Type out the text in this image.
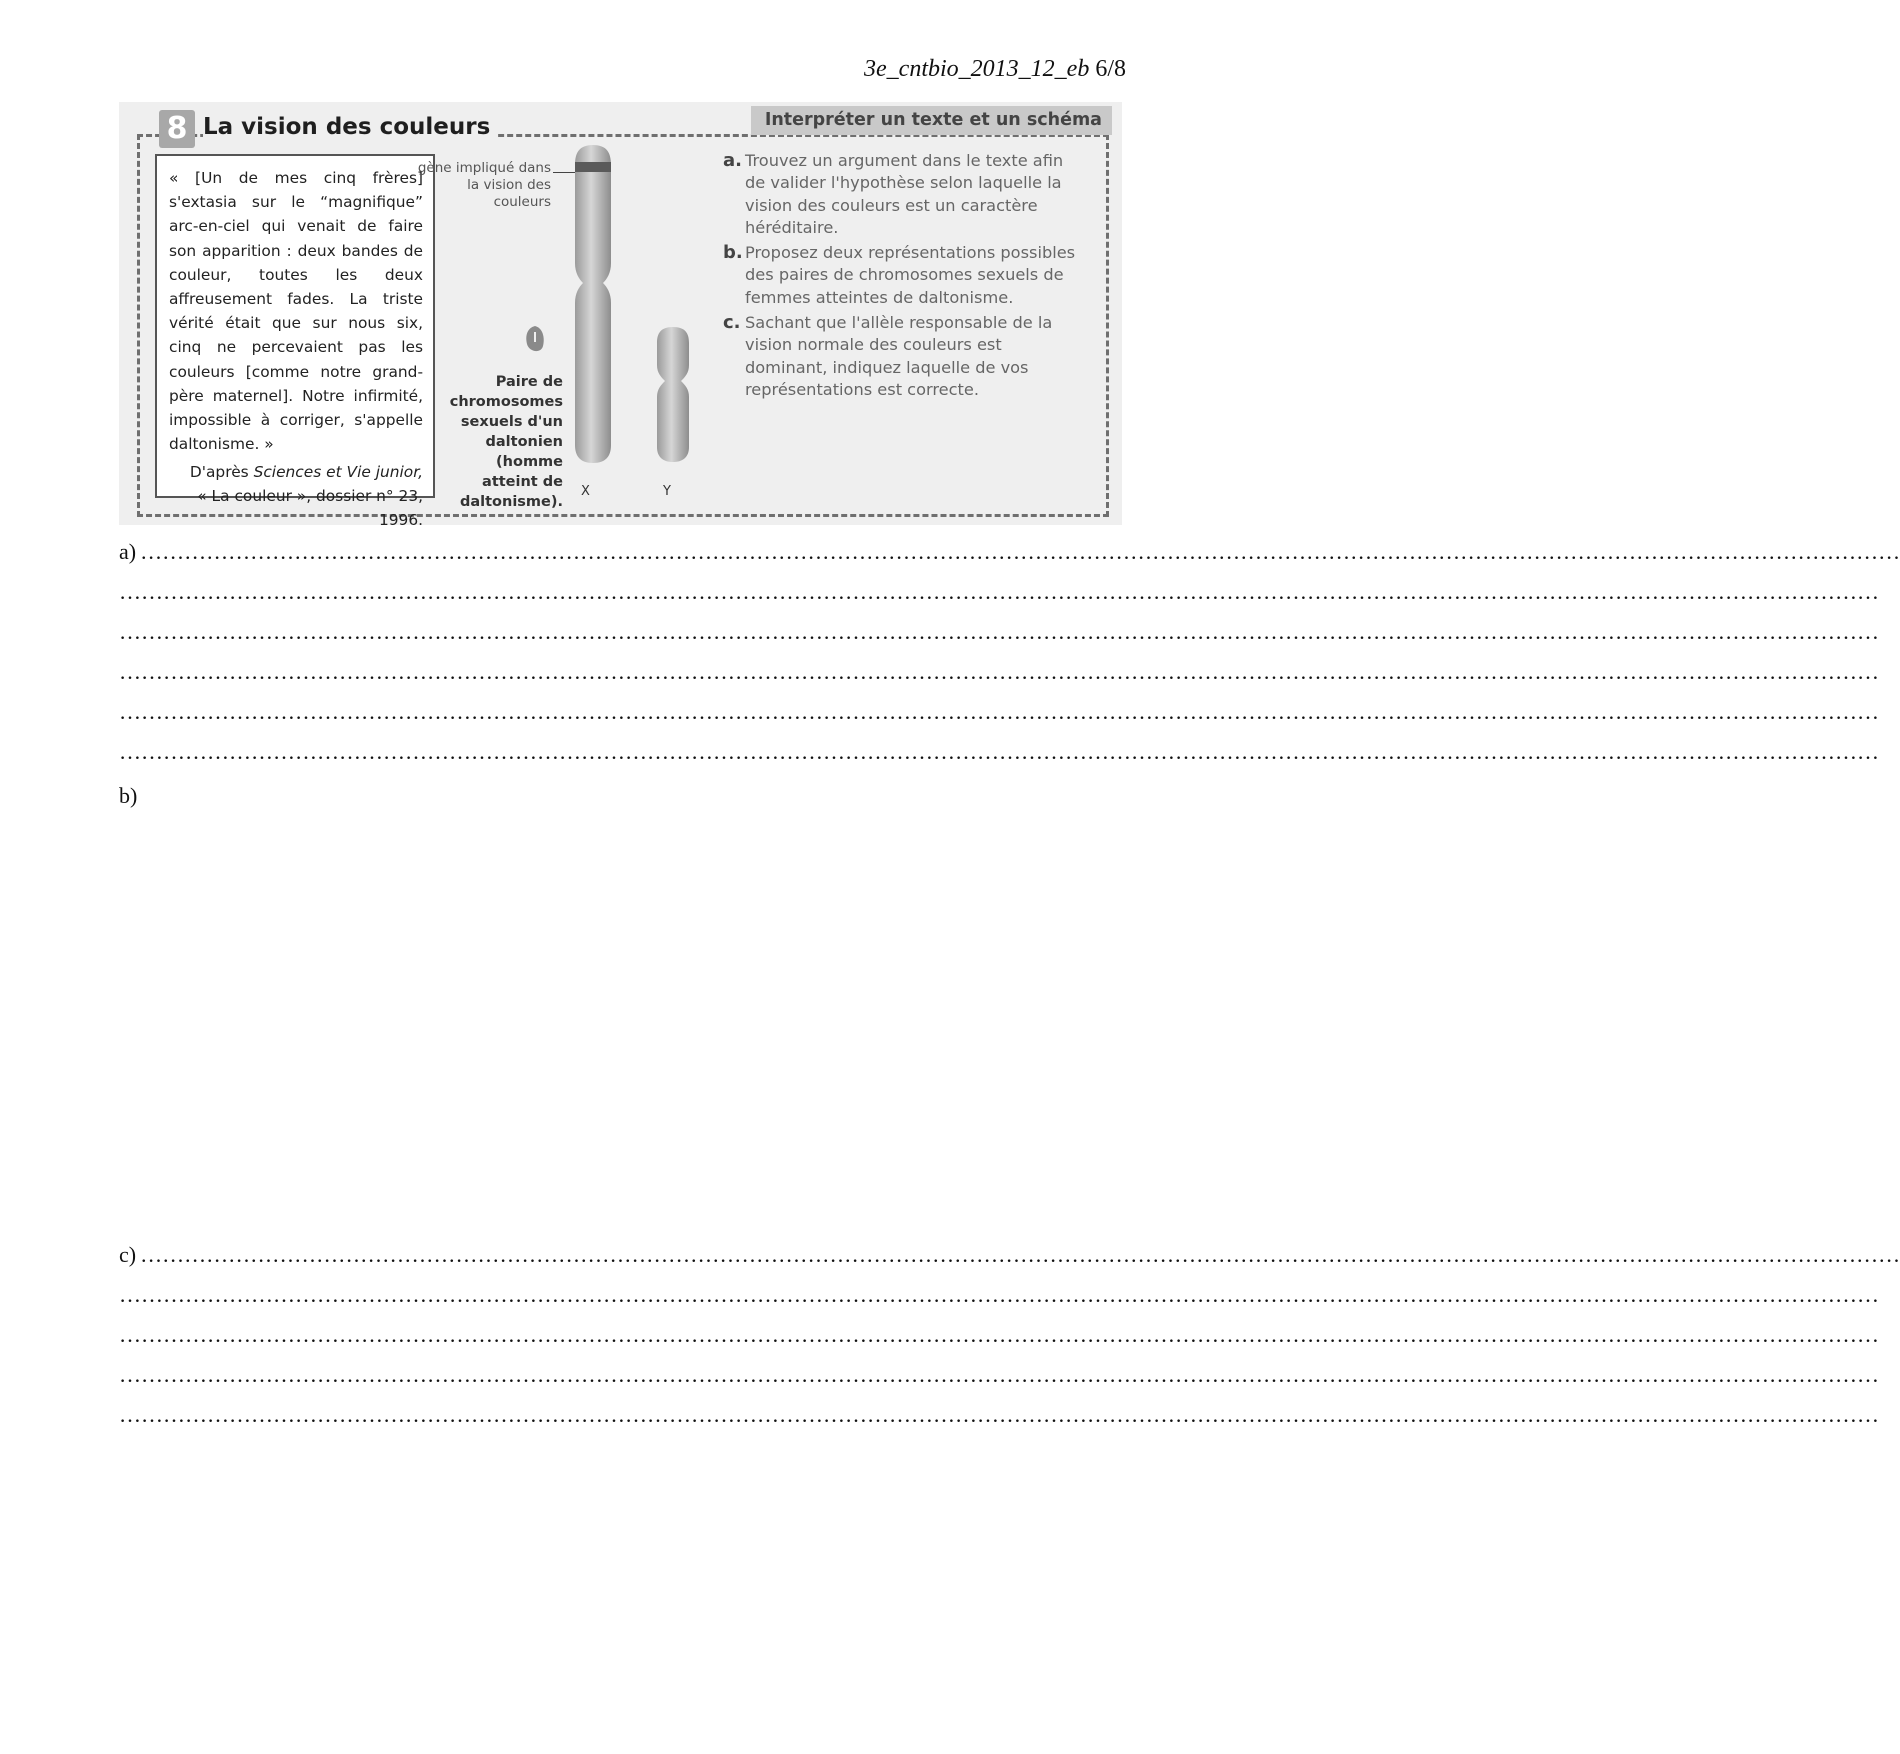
3e_cntbio_2013_12_eb 6/8
8 La vision des couleurs	Interpréter un texte et un schéma

« [Un de mes cinq frères] s'extasia sur le “magnifique” arc-en-ciel qui venait de faire son apparition : deux bandes de couleur, toutes les deux affreusement fades. La triste vérité était que sur nous six, cinq ne percevaient pas les couleurs [comme notre grand-père maternel]. Notre infirmité, impossible à corriger, s'appelle daltonisme. »

D'après Sciences et Vie junior,
« La couleur », dossier n° 23, 1996.

gène impliqué dans la vision des couleurs
Paire de chromosomes sexuels d'un daltonien (homme atteint de daltonisme).
X	Y
a. Trouvez un argument dans le texte afin de valider l'hypothèse selon laquelle la vision des couleurs est un caractère héréditaire.
b. Proposez deux représentations possibles des paires de chromosomes sexuels de femmes atteintes de daltonisme.
c. Sachant que l'allèle responsable de la vision normale des couleurs est dominant, indiquez laquelle de vos représentations est correcte.
a) ……………………………………………………………………………………………………………………………………………………………………………………………………………………
……………………………………………………………………………………………………………………………………………………………………………………………………………………
……………………………………………………………………………………………………………………………………………………………………………………………………………………
……………………………………………………………………………………………………………………………………………………………………………………………………………………
……………………………………………………………………………………………………………………………………………………………………………………………………………………
……………………………………………………………………………………………………………………………………………………………………………………………………………………
b)
c) ……………………………………………………………………………………………………………………………………………………………………………………………………………………
……………………………………………………………………………………………………………………………………………………………………………………………………………………
……………………………………………………………………………………………………………………………………………………………………………………………………………………
……………………………………………………………………………………………………………………………………………………………………………………………………………………
……………………………………………………………………………………………………………………………………………………………………………………………………………………
